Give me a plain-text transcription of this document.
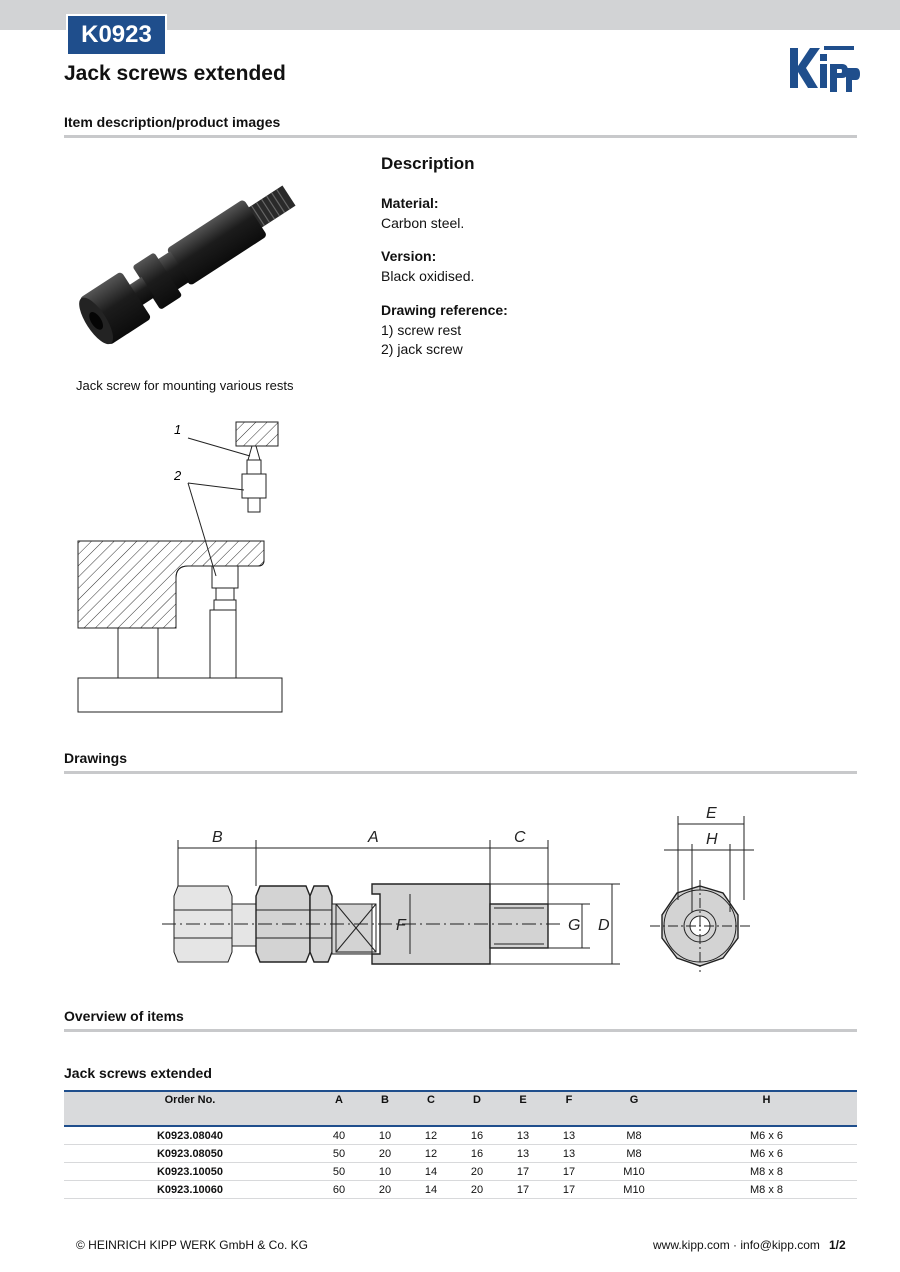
K0923
Jack screws extended
Item description/product images
Jack screw for mounting various rests
Description
Material:
Carbon steel.
Version:
Black oxidised.
Drawing reference:
1) screw rest
2) jack screw
1
2
Drawings
B	A	C
F	G D
E
H
Overview of items
Jack screws extended
Order No.	A	B	C	D	E	F	G	H
K0923.08040	40	10	12	16	13	13	M8	M6 x 6
K0923.08050	50	20	12	16	13	13	M8	M6 x 6
K0923.10050	50	10	14	20	17	17	M10	M8 x 8
K0923.10060	60	20	14	20	17	17	M10	M8 x 8
© HEINRICH KIPP WERK GmbH & Co. KG	www.kipp.com · info@kipp.com 1/2
